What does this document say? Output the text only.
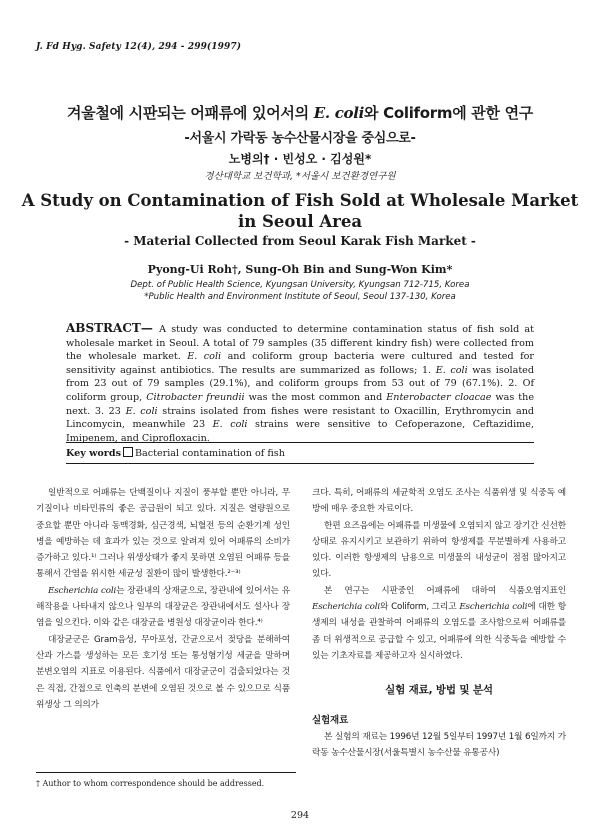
J. Fd Hyg. Safety 12(4), 294 - 299(1997)
겨울철에 시판되는 어패류에 있어서의 E. coli와 Coliform에 관한 연구
-서울시 가락동 농수산물시장을 중심으로-
노병의† · 빈성오 · 김성원*
경산대학교 보건학과, *서울시 보건환경연구원
A Study on Contamination of Fish Sold at Wholesale Market
in Seoul Area
- Material Collected from Seoul Karak Fish Market -
Pyong-Ui Roh†, Sung-Oh Bin and Sung-Won Kim*
Dept. of Public Health Science, Kyungsan University, Kyungsan 712-715, Korea
*Public Health and Environment Institute of Seoul, Seoul 137-130, Korea
ABSTRACT— A study was conducted to determine contamination status of fish sold at wholesale market in Seoul. A total of 79 samples (35 different kindry fish) were collected from the wholesale market. E. coli and coliform group bacteria were cultured and tested for sensitivity against antibiotics. The results are summarized as follows; 1. E. coli was isolated from 23 out of 79 samples (29.1%), and coliform groups from 53 out of 79 (67.1%). 2. Of coliform group, Citrobacter freundii was the most common and Enterobacter cloacae was the next. 3. 23 E. coli strains isolated from fishes were resistant to Oxacillin, Erythromycin and Lincomycin, meanwhile 23 E. coli strains were sensitive to Cefoperazone, Ceftazidime, Imipenem, and Ciprofloxacin.
Key words Bacterial contamination of fish

일반적으로 어패류는 단백질이나 지질이 풍부할 뿐만 아니라, 무기질이나 비타민류의 좋은 공급원이 되고 있다. 지질은 열량원으로 중요할 뿐만 아니라 동맥경화, 심근경색, 뇌혈전 등의 순환기계 성인병을 예방하는 데 효과가 있는 것으로 알려져 있어 어패류의 소비가 증가하고 있다.¹⁾ 그러나 위생상태가 좋지 못하면 오염된 어패류 등을 통해서 간염을 위시한 세균성 질환이 많이 발생한다.²⁻³⁾

Escherichia coli는 장관내의 상재균으로, 장관내에 있어서는 유해작용을 나타내지 않으나 일부의 대장균은 장관내에서도 설사나 장염을 일으킨다. 이와 같은 대장균을 병원성 대장균이라 한다.⁴⁾

대장균군은 Gram음성, 무아포성, 간균으로서 젖당을 분해하여 산과 가스를 생성하는 모든 호기성 또는 통성혐기성 세균을 말하며 분변오염의 지표로 이용된다. 식품에서 대장균군이 검출되었다는 것은 직접, 간접으로 인축의 분변에 오염된 것으로 볼 수 있으므로 식품위생상 그 의의가

크다. 특히, 어패류의 세균학적 오염도 조사는 식품위생 및 식중독 예방에 매우 중요한 자료이다.

한편 요즈음에는 어패류를 미생물에 오염되지 않고 장기간 신선한 상태로 유지시키고 보관하기 위하여 항생제를 무분별하게 사용하고 있다. 이러한 항생제의 남용으로 미생물의 내성균이 점점 많아지고 있다.

본 연구는 시판중인 어패류에 대하여 식품오염지표인 Escherichia coli와 Coliform, 그리고 Escherichia coli에 대한 항생제의 내성을 관찰하여 어패류의 오염도를 조사함으로써 어패류를 좀 더 위생적으로 공급할 수 있고, 어패류에 의한 식중독을 예방할 수 있는 기초자료를 제공하고자 실시하였다.

실험 재료, 방법 및 분석

실험재료

본 실험의 재료는 1996년 12월 5일부터 1997년 1월 6일까지 가락동 농수산물시장(서울특별시 농수산물 유통공사)

† Author to whom correspondence should be addressed.
294
